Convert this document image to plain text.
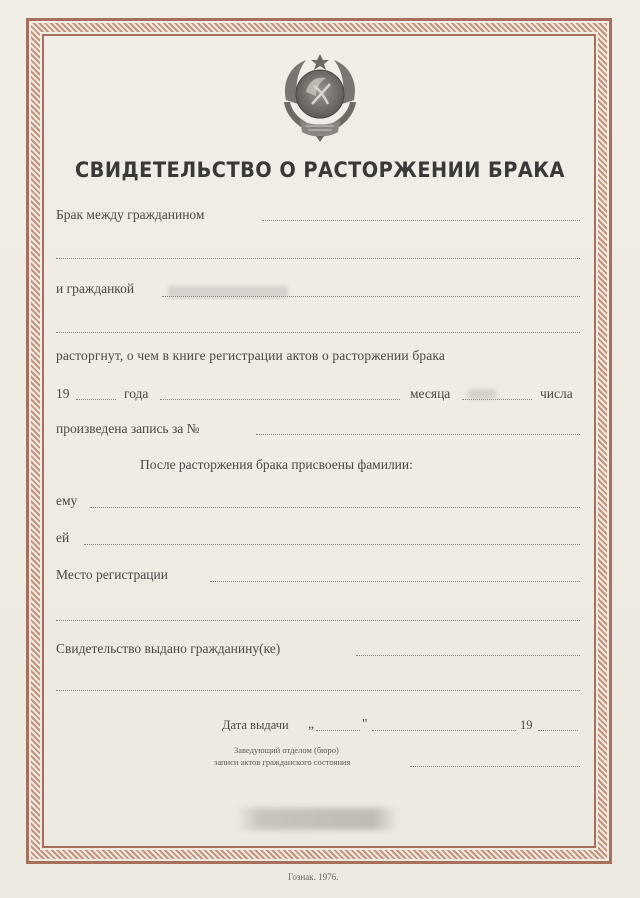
СВИДЕТЕЛЬСТВО О РАСТОРЖЕНИИ БРАКА
Брак между гражданином
и гражданкой
расторгнут, о чем в книге регистрации актов о расторжении брака
19	года	месяца	числа
произведена запись за №
После расторжения брака присвоены фамилии:
ему
ей
Место регистрации
Свидетельство выдано гражданину(ке)
Дата выдачи „	"	19
Заведующий отделом (бюро)
записи актов гражданского состояния
Гознак. 1976.
